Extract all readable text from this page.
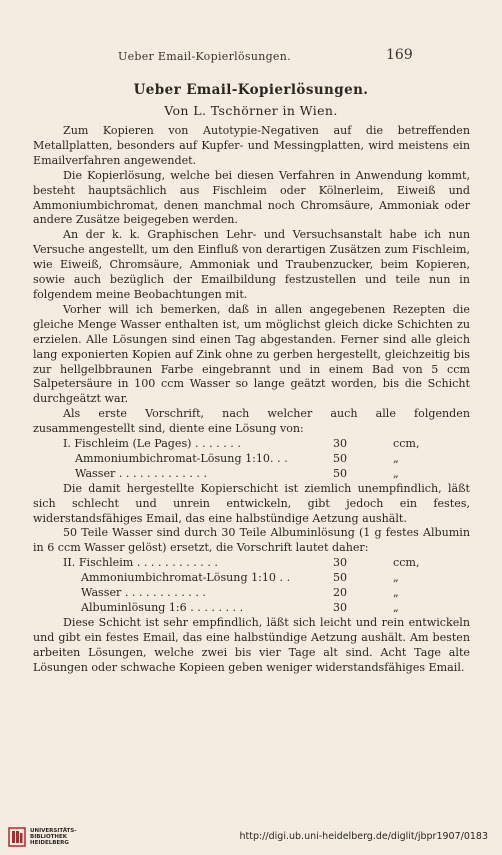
Ueber Email-Kopierlösungen.	169
Ueber Email-Kopierlösungen.
Von L. Tschörner in Wien.

Zum Kopieren von Autotypie-Negativen auf die betreffenden Metallplatten, besonders auf Kupfer- und Messingplatten, wird meistens ein Emailverfahren angewendet.

Die Kopierlösung, welche bei diesen Verfahren in Anwendung kommt, besteht hauptsächlich aus Fischleim oder Kölnerleim, Eiweiß und Ammoniumbichromat, denen manchmal noch Chromsäure, Ammoniak oder andere Zusätze beigegeben werden.

An der k. k. Graphischen Lehr- und Versuchsanstalt habe ich nun Versuche angestellt, um den Einfluß von derartigen Zusätzen zum Fischleim, wie Eiweiß, Chromsäure, Ammoniak und Traubenzucker, beim Kopieren, sowie auch bezüglich der Emailbildung festzustellen und teile nun in folgendem meine Beobachtungen mit.

Vorher will ich bemerken, daß in allen angegebenen Rezepten die gleiche Menge Wasser enthalten ist, um möglichst gleich dicke Schichten zu erzielen. Alle Lösungen sind einen Tag abgestanden. Ferner sind alle gleich lang exponierten Kopien auf Zink ohne zu gerben hergestellt, gleichzeitig bis zur hellgelbbraunen Farbe eingebrannt und in einem Bad von 5 ccm Salpetersäure in 100 ccm Wasser so lange geätzt worden, bis die Schicht durchgeätzt war.

Als erste Vorschrift, nach welcher auch alle folgenden zusammengestellt sind, diente eine Lösung von:

I. Fischleim (Le Pages) . . . . . . .	30	ccm,
Ammoniumbichromat-Lösung 1:10. . .	50	„
Wasser . . . . . . . . . . . . .	50	„

Die damit hergestellte Kopierschicht ist ziemlich unempfindlich, läßt sich schlecht und unrein entwickeln, gibt jedoch ein festes, widerstandsfähiges Email, das eine halbstündige Aetzung aushält.

50 Teile Wasser sind durch 30 Teile Albuminlösung (1 g festes Albumin in 6 ccm Wasser gelöst) ersetzt, die Vorschrift lautet daher:

II. Fischleim . . . . . . . . . . . .	30	ccm,
Ammoniumbichromat-Lösung 1:10 . .	50	„
Wasser . . . . . . . . . . . .	20	„
Albuminlösung 1:6 . . . . . . . .	30	„

Diese Schicht ist sehr empfindlich, läßt sich leicht und rein entwickeln und gibt ein festes Email, das eine halbstündige Aetzung aushält. Am besten arbeiten Lösungen, welche zwei bis vier Tage alt sind. Acht Tage alte Lösungen oder schwache Kopieen geben weniger widerstandsfähiges Email.

UNIVERSITÄTS-
BIBLIOTHEK
HEIDELBERG
http://digi.ub.uni-heidelberg.de/diglit/jbpr1907/0183
